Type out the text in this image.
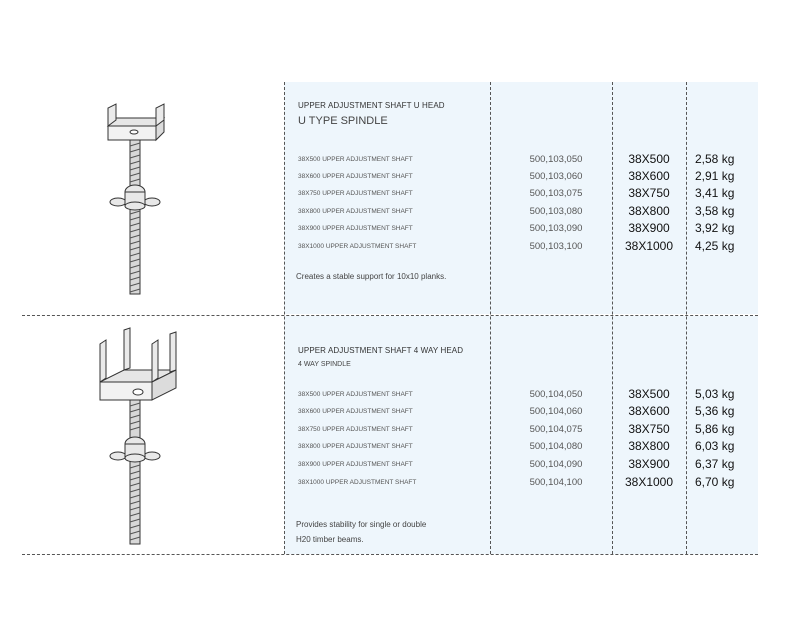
UPPER ADJUSTMENT SHAFT U HEAD
U TYPE SPINDLE
38X500 UPPER ADJUSTMENT SHAFT	500,103,050	38X500	2,58 kg
38X600 UPPER ADJUSTMENT SHAFT	500,103,060	38X600	2,91 kg
38X750 UPPER ADJUSTMENT SHAFT	500,103,075	38X750	3,41 kg
38X800 UPPER ADJUSTMENT SHAFT	500,103,080	38X800	3,58 kg
38X900 UPPER ADJUSTMENT SHAFT	500,103,090	38X900	3,92 kg
38X1000 UPPER ADJUSTMENT SHAFT	500,103,100	38X1000	4,25 kg
Creates a stable support for 10x10 planks.
UPPER ADJUSTMENT SHAFT 4 WAY HEAD
4 WAY SPINDLE
38X500 UPPER ADJUSTMENT SHAFT	500,104,050	38X500	5,03 kg
38X600 UPPER ADJUSTMENT SHAFT	500,104,060	38X600	5,36 kg
38X750 UPPER ADJUSTMENT SHAFT	500,104,075	38X750	5,86 kg
38X800 UPPER ADJUSTMENT SHAFT	500,104,080	38X800	6,03 kg
38X900 UPPER ADJUSTMENT SHAFT	500,104,090	38X900	6,37 kg
38X1000 UPPER ADJUSTMENT SHAFT	500,104,100	38X1000	6,70 kg
Provides stability for single or double
H20 timber beams.
